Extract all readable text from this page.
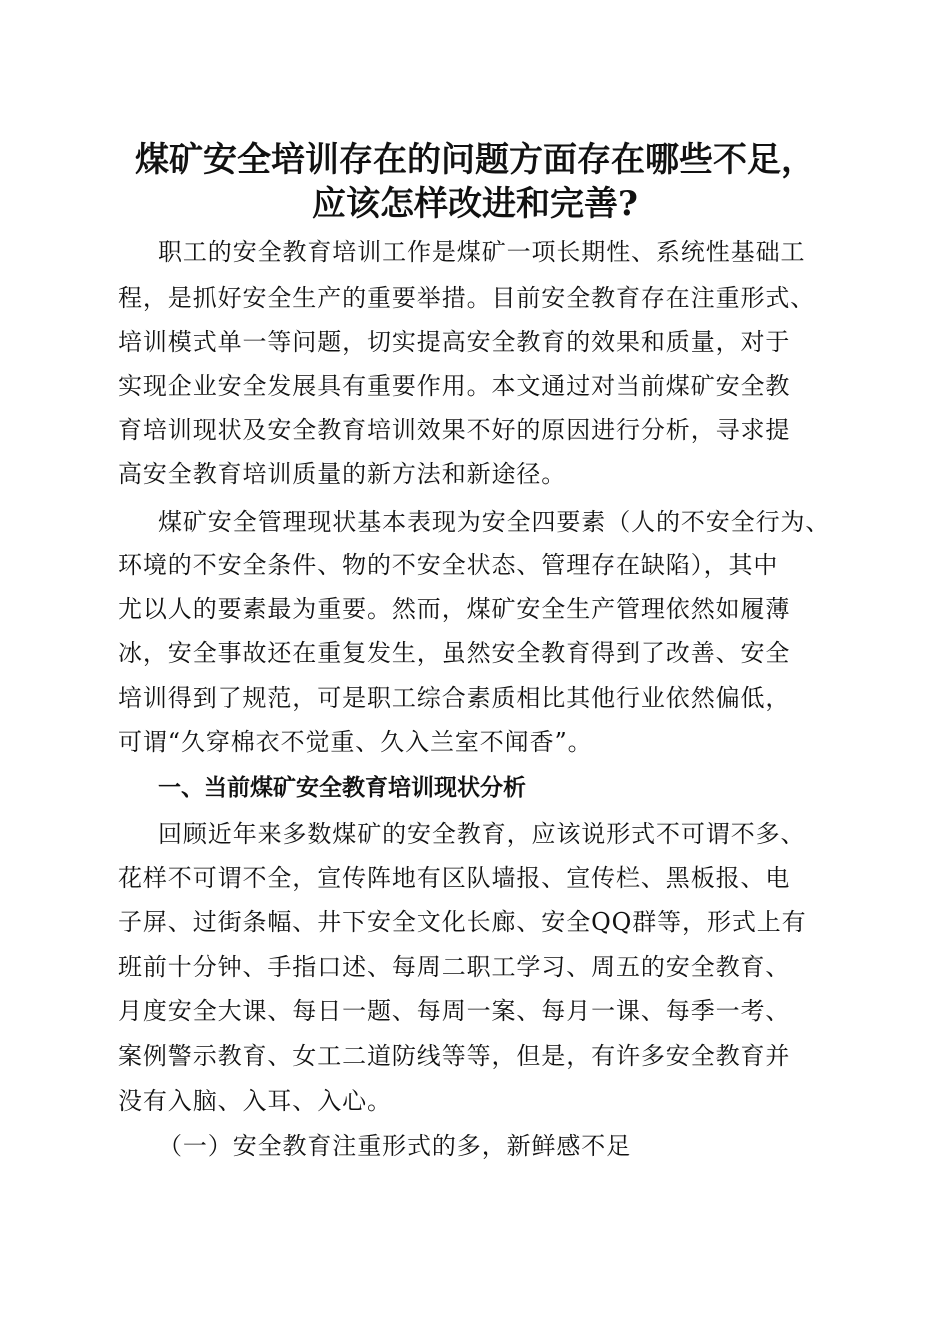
煤矿安全培训存在的问题方面存在哪些不足，
应该怎样改进和完善?

职工的安全教育培训工作是煤矿一项长期性、系统性基础工

程，是抓好安全生产的重要举措。目前安全教育存在注重形式、

培训模式单一等问题，切实提高安全教育的效果和质量，对于

实现企业安全发展具有重要作用。本文通过对当前煤矿安全教

育培训现状及安全教育培训效果不好的原因进行分析，寻求提

高安全教育培训质量的新方法和新途径。

煤矿安全管理现状基本表现为安全四要素（人的不安全行为、

环境的不安全条件、物的不安全状态、管理存在缺陷），其中

尤以人的要素最为重要。然而，煤矿安全生产管理依然如履薄

冰，安全事故还在重复发生，虽然安全教育得到了改善、安全

培训得到了规范，可是职工综合素质相比其他行业依然偏低，

可谓“久穿棉衣不觉重、久入兰室不闻香”。

一、当前煤矿安全教育培训现状分析

回顾近年来多数煤矿的安全教育，应该说形式不可谓不多、

花样不可谓不全，宣传阵地有区队墙报、宣传栏、黑板报、电

子屏、过街条幅、井下安全文化长廊、安全QQ群等，形式上有

班前十分钟、手指口述、每周二职工学习、周五的安全教育、

月度安全大课、每日一题、每周一案、每月一课、每季一考、

案例警示教育、女工二道防线等等，但是，有许多安全教育并

没有入脑、入耳、入心。

（一）安全教育注重形式的多，新鲜感不足
